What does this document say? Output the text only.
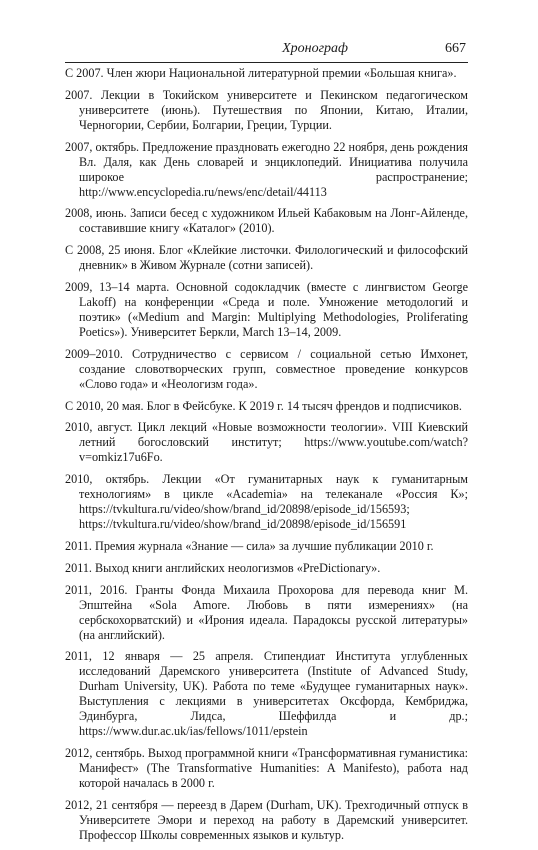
Хронограф	667

С 2007. Член жюри Национальной литературной премии «Большая книга».

2007. Лекции в Токийском университете и Пекинском педагогическом университете (июнь). Путешествия по Японии, Китаю, Италии, Черногории, Сербии, Болгарии, Греции, Турции.

2007, октябрь. Предложение праздновать ежегодно 22 ноября, день рождения Вл. Даля, как День словарей и энциклопедий. Инициатива получила широкое распространение; http://www.encyclopedia.ru/news/enc/detail/44113

2008, июнь. Записи бесед с художником Ильей Кабаковым на Лонг-Айленде, составившие книгу «Каталог» (2010).

С 2008, 25 июня. Блог «Клейкие листочки. Филологический и философский дневник» в Живом Журнале (сотни записей).

2009, 13–14 марта. Основной содокладчик (вместе с лингвистом George Lakoff) на конференции «Среда и поле. Умножение методологий и поэтик» («Medium and Margin: Multiplying Methodologies, Proliferating Poetics»). Университет Беркли, March 13–14, 2009.

2009–2010. Сотрудничество с сервисом / социальной сетью Имхонет, создание словотворческих групп, совместное проведение конкурсов «Слово года» и «Неологизм года».

С 2010, 20 мая. Блог в Фейсбуке. К 2019 г. 14 тысяч френдов и подписчиков.

2010, август. Цикл лекций «Новые возможности теологии». VIII Киевский летний богословский институт; https://www.youtube.com/watch?v=omkiz17u6Fo.

2010, октябрь. Лекции «От гуманитарных наук к гуманитарным технологиям» в цикле «Academia» на телеканале «Россия К»; https://tvkultura.ru/video/show/brand_id/20898/episode_id/156593; https://tvkultura.ru/video/show/brand_id/20898/episode_id/156591

2011. Премия журнала «Знание — сила» за лучшие публикации 2010 г.

2011. Выход книги английских неологизмов «PreDictionary».

2011, 2016. Гранты Фонда Михаила Прохорова для перевода книг М. Эпштейна «Sola Amore. Любовь в пяти измерениях» (на сербскохорватский) и «Ирония идеала. Парадоксы русской литературы» (на английский).

2011, 12 января — 25 апреля. Стипендиат Института углубленных исследований Даремского университета (Institute of Advanced Study, Durham University, UK). Работа по теме «Будущее гуманитарных наук». Выступления с лекциями в университетах Оксфорда, Кембриджа, Эдинбурга, Лидса, Шеффилда и др.; https://www.dur.ac.uk/ias/fellows/1011/epstein

2012, сентябрь. Выход программной книги «Трансформативная гуманистика: Манифест» (The Transformative Humanities: A Manifesto), работа над которой началась в 2000 г.

2012, 21 сентября — переезд в Дарем (Durham, UK). Трехгодичный отпуск в Университете Эмори и переход на работу в Даремский университет. Профессор Школы современных языков и культур.
